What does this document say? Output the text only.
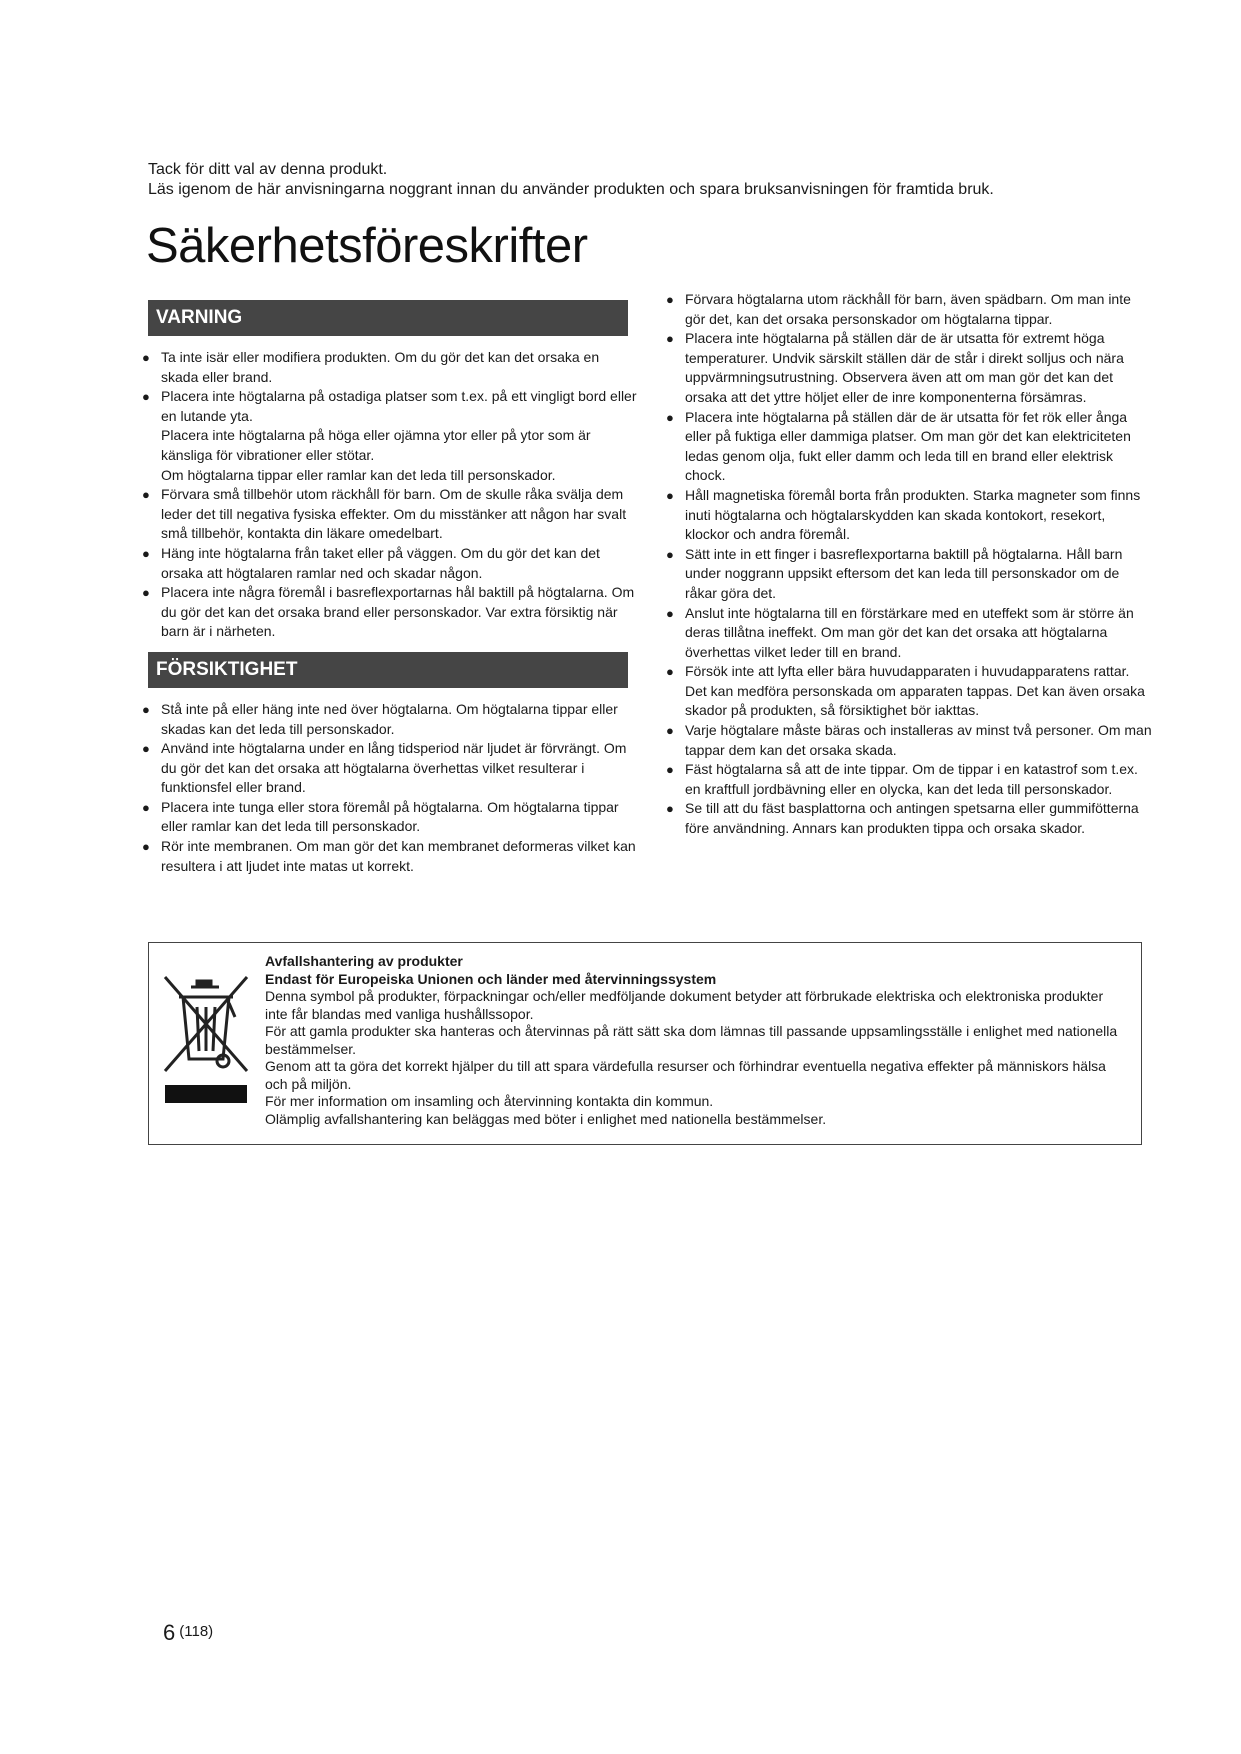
Tack för ditt val av denna produkt.
Läs igenom de här anvisningarna noggrant innan du använder produkten och spara bruksanvisningen för framtida bruk.
Säkerhetsföreskrifter
VARNING
● Ta inte isär eller modifiera produkten. Om du gör det kan det orsaka en skada eller brand.

● Placera inte högtalarna på ostadiga platser som t.ex. på ett vingligt bord eller en lutande yta.

Placera inte högtalarna på höga eller ojämna ytor eller på ytor som är känsliga för vibrationer eller stötar.

Om högtalarna tippar eller ramlar kan det leda till personskador.

● Förvara små tillbehör utom räckhåll för barn. Om de skulle råka svälja dem leder det till negativa fysiska effekter. Om du misstänker att någon har svalt små tillbehör, kontakta din läkare omedelbart.

● Häng inte högtalarna från taket eller på väggen. Om du gör det kan det orsaka att högtalaren ramlar ned och skadar någon.

● Placera inte några föremål i basreflexportarnas hål baktill på högtalarna. Om du gör det kan det orsaka brand eller personskador. Var extra försiktig när barn är i närheten.

FÖRSIKTIGHET
● Stå inte på eller häng inte ned över högtalarna. Om högtalarna tippar eller skadas kan det leda till personskador.

● Använd inte högtalarna under en lång tidsperiod när ljudet är förvrängt. Om du gör det kan det orsaka att högtalarna överhettas vilket resulterar i funktionsfel eller brand.

● Placera inte tunga eller stora föremål på högtalarna. Om högtalarna tippar eller ramlar kan det leda till personskador.

● Rör inte membranen. Om man gör det kan membranet deformeras vilket kan resultera i att ljudet inte matas ut korrekt.

● Förvara högtalarna utom räckhåll för barn, även spädbarn. Om man inte gör det, kan det orsaka personskador om högtalarna tippar.

● Placera inte högtalarna på ställen där de är utsatta för extremt höga temperaturer. Undvik särskilt ställen där de står i direkt solljus och nära uppvärmningsutrustning. Observera även att om man gör det kan det orsaka att det yttre höljet eller de inre komponenterna försämras.

● Placera inte högtalarna på ställen där de är utsatta för fet rök eller ånga eller på fuktiga eller dammiga platser. Om man gör det kan elektriciteten ledas genom olja, fukt eller damm och leda till en brand eller elektrisk chock.

● Håll magnetiska föremål borta från produkten. Starka magneter som finns inuti högtalarna och högtalarskydden kan skada kontokort, resekort, klockor och andra föremål.

● Sätt inte in ett finger i basreflexportarna baktill på högtalarna. Håll barn under noggrann uppsikt eftersom det kan leda till personskador om de råkar göra det.

● Anslut inte högtalarna till en förstärkare med en uteffekt som är större än deras tillåtna ineffekt. Om man gör det kan det orsaka att högtalarna överhettas vilket leder till en brand.

● Försök inte att lyfta eller bära huvudapparaten i huvudapparatens rattar. Det kan medföra personskada om apparaten tappas. Det kan även orsaka skador på produkten, så försiktighet bör iakttas.

● Varje högtalare måste bäras och installeras av minst två personer. Om man tappar dem kan det orsaka skada.

● Fäst högtalarna så att de inte tippar. Om de tippar i en katastrof som t.ex. en kraftfull jordbävning eller en olycka, kan det leda till personskador.

● Se till att du fäst basplattorna och antingen spetsarna eller gummifötterna före användning. Annars kan produkten tippa och orsaka skador.

Avfallshantering av produkter

Endast för Europeiska Unionen och länder med återvinningssystem

Denna symbol på produkter, förpackningar och/eller medföljande dokument betyder att förbrukade elektriska och elektroniska produkter inte får blandas med vanliga hushållssopor.

För att gamla produkter ska hanteras och återvinnas på rätt sätt ska dom lämnas till passande uppsamlingsställe i enlighet med nationella bestämmelser.

Genom att ta göra det korrekt hjälper du till att spara värdefulla resurser och förhindrar eventuella negativa effekter på människors hälsa och på miljön.

För mer information om insamling och återvinning kontakta din kommun.

Olämplig avfallshantering kan beläggas med böter i enlighet med nationella bestämmelser.

6 $^{(118)}$
